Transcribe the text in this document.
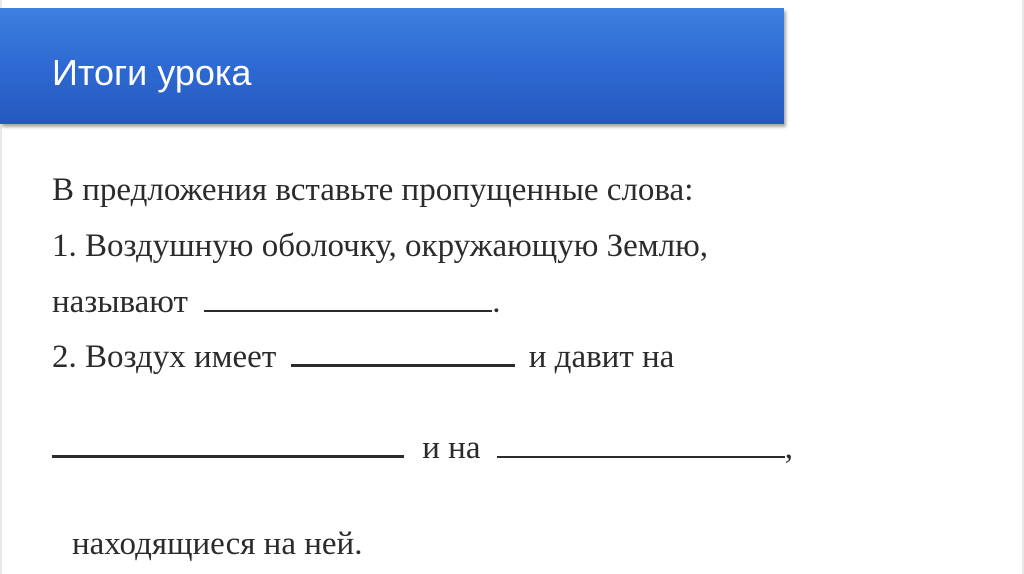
Итоги урока
В предложения вставьте пропущенные слова:
1. Воздушную оболочку, окружающую Землю,
называют	.
2. Воздух имеет	и давит на
и на	,
находящиеся на ней.
